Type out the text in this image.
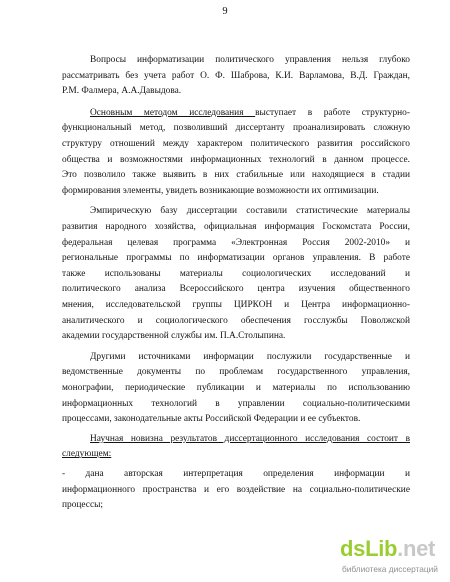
9
Вопросы информатизации политического управления нельзя глубоко
рассматривать без учета работ О. Ф. Шаброва, К.И. Варламова, В.Д. Граждан,
Р.М. Фалмера, А.А.Давыдова.
Основным методом исследования выступает в работе структурно-
функциональный метод, позволивший диссертанту проанализировать сложную
структуру отношений между характером политического развития российского
общества и возможностями информационных технологий в данном процессе.
Это позволило также выявить в них стабильные или находящиеся в стадии
формирования элементы, увидеть возникающие возможности их оптимизации.
Эмпирическую базу диссертации составили статистические материалы
развития народного хозяйства, официальная информация Госкомстата России,
федеральная целевая программа «Электронная Россия 2002-2010» и
региональные программы по информатизации органов управления. В работе
также использованы материалы социологических исследований и
политического анализа Всероссийского центра изучения общественного
мнения, исследовательской группы ЦИРКОН и Центра информационно-
аналитического и социологического обеспечения госслужбы Поволжской
академии государственной службы им. П.А.Столыпина.
Другими источниками информации послужили государственные и
ведомственные документы по проблемам государственного управления,
монографии, периодические публикации и материалы по использованию
информационных технологий в управлении социально-политическими
процессами, законодательные акты Российской Федерации и ее субъектов.
Научная новизна результатов диссертационного исследования состоит в
следующем:
- дана авторская интерпретация определения информации и
информационного пространства и его воздействие на социально-политические
процессы;
dsLib.net
библиотека диссертаций
